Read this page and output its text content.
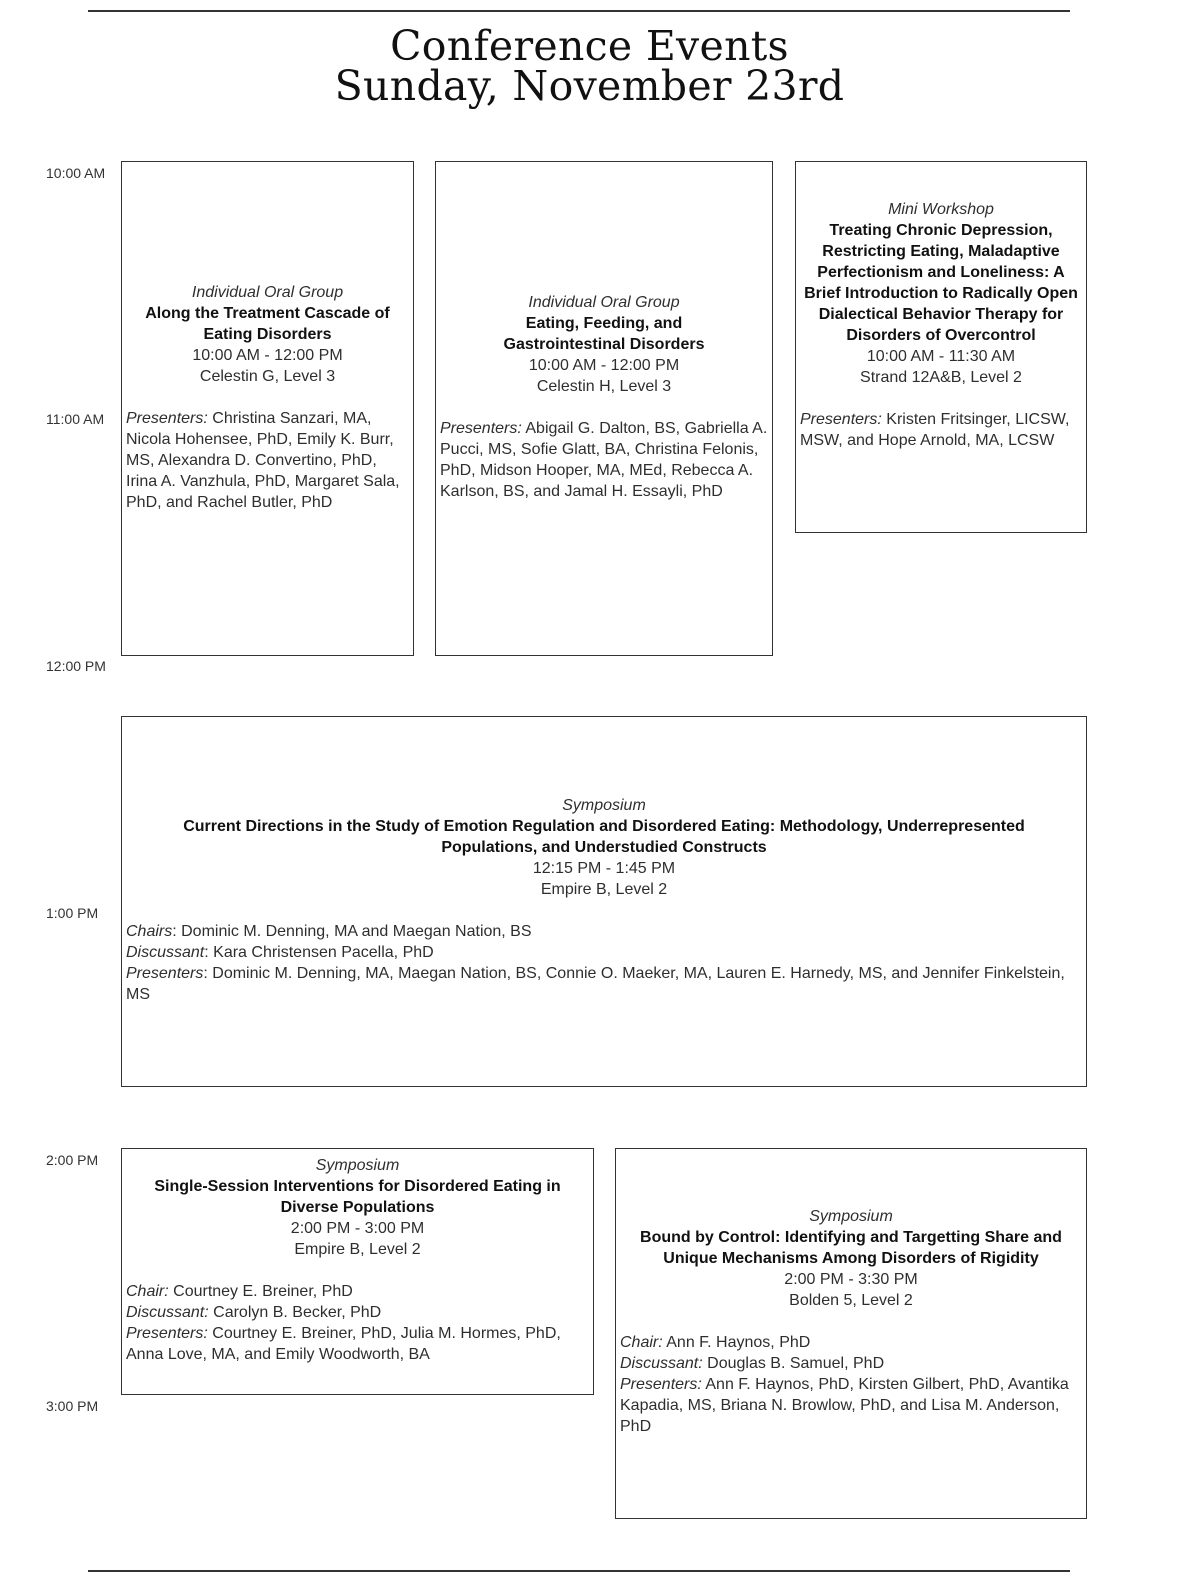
Conference Events
Sunday, November 23rd
10:00 AM
11:00 AM
12:00 PM
1:00 PM
2:00 PM
3:00 PM
Individual Oral Group
Along the Treatment Cascade of Eating Disorders
10:00 AM - 12:00 PM
Celestin G, Level 3
Presenters: Christina Sanzari, MA, Nicola Hohensee, PhD, Emily K. Burr, MS, Alexandra D. Convertino, PhD, Irina A. Vanzhula, PhD, Margaret Sala, PhD, and Rachel Butler, PhD
Individual Oral Group
Eating, Feeding, and Gastrointestinal Disorders
10:00 AM - 12:00 PM
Celestin H, Level 3
Presenters: Abigail G. Dalton, BS, Gabriella A. Pucci, MS, Sofie Glatt, BA, Christina Felonis, PhD, Midson Hooper, MA, MEd, Rebecca A. Karlson, BS, and Jamal H. Essayli, PhD
Mini Workshop
Treating Chronic Depression, Restricting Eating, Maladaptive Perfectionism and Loneliness: A Brief Introduction to Radically Open Dialectical Behavior Therapy for Disorders of Overcontrol
10:00 AM - 11:30 AM
Strand 12A&B, Level 2
Presenters: Kristen Fritsinger, LICSW, MSW, and Hope Arnold, MA, LCSW
Symposium
Current Directions in the Study of Emotion Regulation and Disordered Eating: Methodology, Underrepresented Populations, and Understudied Constructs
12:15 PM - 1:45 PM
Empire B, Level 2
Chairs: Dominic M. Denning, MA and Maegan Nation, BS
Discussant: Kara Christensen Pacella, PhD
Presenters: Dominic M. Denning, MA, Maegan Nation, BS, Connie O. Maeker, MA, Lauren E. Harnedy, MS, and Jennifer Finkelstein, MS
Symposium
Single-Session Interventions for Disordered Eating in Diverse Populations
2:00 PM - 3:00 PM
Empire B, Level 2
Chair: Courtney E. Breiner, PhD
Discussant: Carolyn B. Becker, PhD
Presenters: Courtney E. Breiner, PhD, Julia M. Hormes, PhD, Anna Love, MA, and Emily Woodworth, BA
Symposium
Bound by Control: Identifying and Targetting Share and Unique Mechanisms Among Disorders of Rigidity
2:00 PM - 3:30 PM
Bolden 5, Level 2
Chair: Ann F. Haynos, PhD
Discussant: Douglas B. Samuel, PhD
Presenters: Ann F. Haynos, PhD, Kirsten Gilbert, PhD, Avantika Kapadia, MS, Briana N. Browlow, PhD, and Lisa M. Anderson, PhD
